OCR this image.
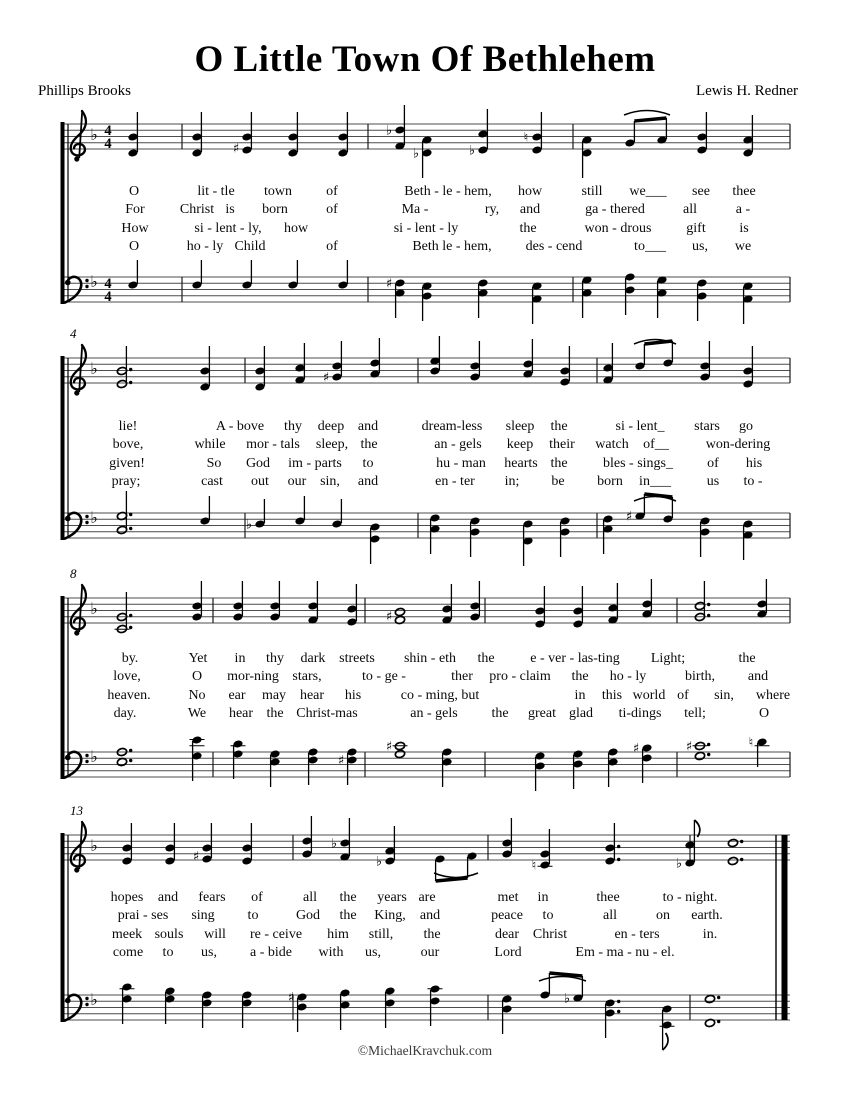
O Little Town Of Bethlehem
Phillips Brooks	Lewis H. Redner
4
8
13
♭
♭
4
4
4
4
♯
♭
♭	♭
♮
♯
♭
♭
♯
♭
♯
♭
♭
♯
♯
♯	♯	♯	♮
♭
♭
♯
♭
♭	♮	♭
♯	♭
O	lit - tle town of	Beth - le - hem, how	still we___ see thee
For	Christ is born	of	Ma -	ry, and	ga - thered	all	a -
How	si - lent - ly, how	si - lent - ly	the	won - drous gift is
O	ho - ly Child	of	Beth le - hem, des - cend	to___ us, we
lie!	A - bove thy deep and	dream-less sleep the	si - lent_ stars go
bove,	while mor - tals sleep, the	an - gels keep their watch of__	won-dering
given!	So God im - parts to	hu - man hearts the	bles - sings_ of his
pray;	cast out our sin, and	en - ter in; be born in___	us to -
by.	Yet in thy dark streets shin - eth the	e - ver - las-ting Light;	the
love,	O mor-ning stars,	to - ge -	ther pro - claim the ho - ly	birth, and
heaven.	No ear may hear his	co - ming, but	in this world of sin, where
day.	We hear the Christ-mas	an - gels the great glad ti-dings tell;	O
hopes and fears of	all the years are	met in	thee	to - night.
prai - ses sing to	God the King, and	peace to	all	on earth.
meek souls will re - ceive him still, the	dear Christ	en - ters	in.
come to us, a - bide with us,	our	Lord	Em - ma - nu - el.
©MichaelKravchuk.com
